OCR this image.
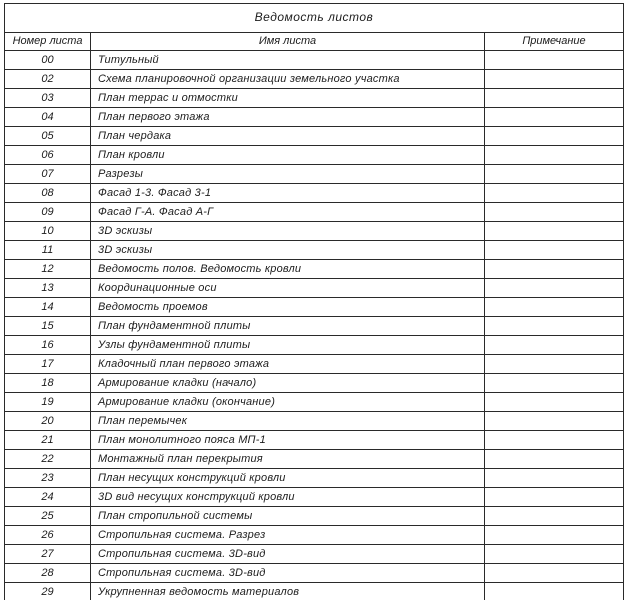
Ведомость листов		
Номер листа	Имя листа	Примечание
00	Титульный	
02	Схема планировочной организации земельного участка	
03	План террас и отмостки	
04	План первого этажа	
05	План чердака	
06	План кровли	
07	Разрезы	
08	Фасад 1-3. Фасад 3-1	
09	Фасад Г-А. Фасад А-Г	
10	3D эскизы	
11	3D эскизы	
12	Ведомость полов. Ведомость кровли	
13	Координационные оси	
14	Ведомость проемов	
15	План фундаментной плиты	
16	Узлы фундаментной плиты	
17	Кладочный план первого этажа	
18	Армирование кладки (начало)	
19	Армирование кладки (окончание)	
20	План перемычек	
21	План монолитного пояса МП-1	
22	Монтажный план перекрытия	
23	План несущих конструкций кровли	
24	3D вид несущих конструкций кровли	
25	План стропильной системы	
26	Стропильная система. Разрез	
27	Стропильная система. 3D-вид	
28	Стропильная система. 3D-вид	
29	Укрупненная ведомость материалов	
